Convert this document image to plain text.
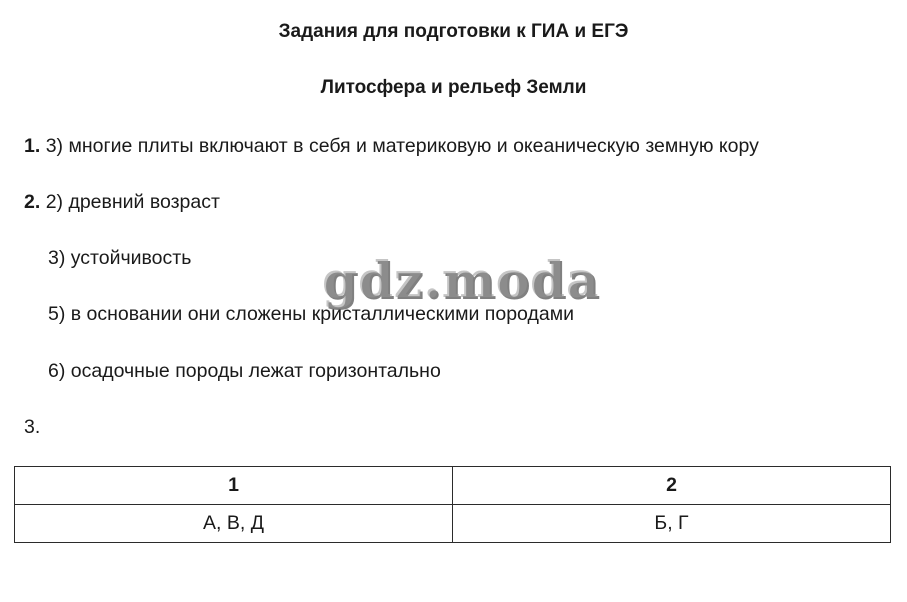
Задания для подготовки к ГИА и ЕГЭ
Литосфера и рельеф Земли
1. 3) многие плиты включают в себя и материковую и океаническую земную кору
2. 2) древний возраст
3) устойчивость
5) в основании они сложены кристаллическими породами
6) осадочные породы лежат горизонтально
3.
gdz.moda
1	2
А, В, Д	Б, Г
